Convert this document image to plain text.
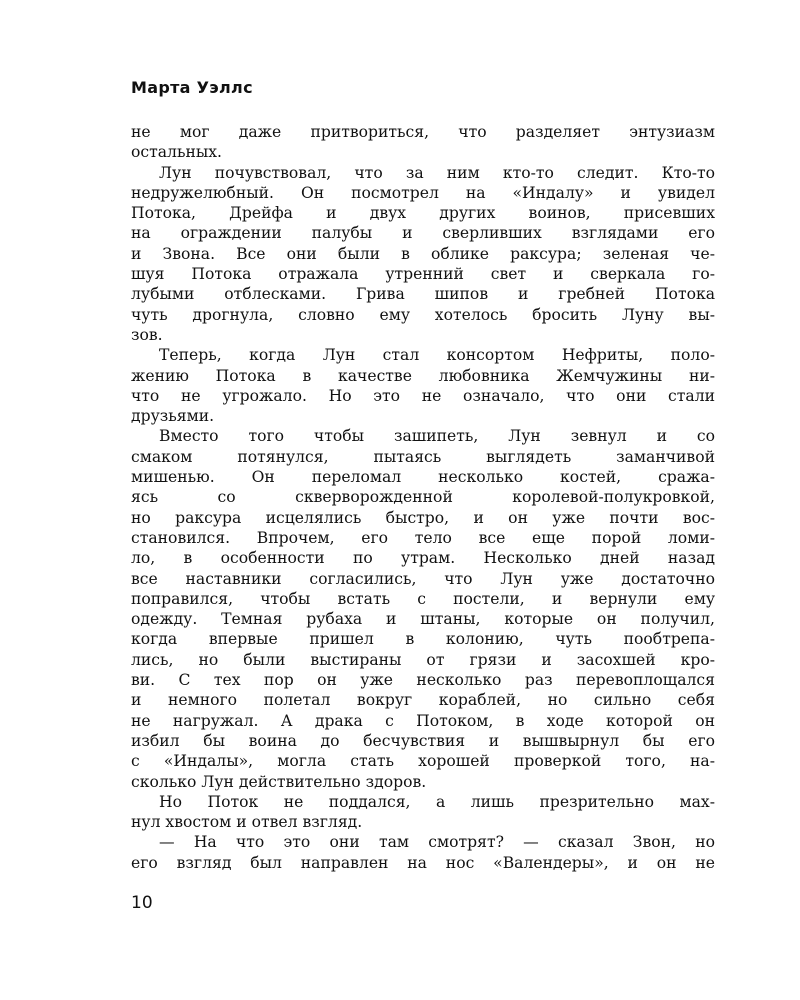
Марта Уэллс
не мог даже притвориться, что разделяет энтузиазм
остальных.
Лун почувствовал, что за ним кто-то следит. Кто-то
недружелюбный. Он посмотрел на «Индалу» и увидел
Потока, Дрейфа и двух других воинов, присевших
на ограждении палубы и сверливших взглядами его
и Звона. Все они были в облике раксура; зеленая че-
шуя Потока отражала утренний свет и сверкала го-
лубыми отблесками. Грива шипов и гребней Потока
чуть дрогнула, словно ему хотелось бросить Луну вы-
зов.
Теперь, когда Лун стал консортом Нефриты, поло-
жению Потока в качестве любовника Жемчужины ни-
что не угрожало. Но это не означало, что они стали
друзьями.
Вместо того чтобы зашипеть, Лун зевнул и со
смаком потянулся, пытаясь выглядеть заманчивой
мишенью. Он переломал несколько костей, сража-
ясь со скверворожденной королевой-полукровкой,
но раксура исцелялись быстро, и он уже почти вос-
становился. Впрочем, его тело все еще порой ломи-
ло, в особенности по утрам. Несколько дней назад
все наставники согласились, что Лун уже достаточно
поправился, чтобы встать с постели, и вернули ему
одежду. Темная рубаха и штаны, которые он получил,
когда впервые пришел в колонию, чуть пообтрепа-
лись, но были выстираны от грязи и засохшей кро-
ви. С тех пор он уже несколько раз перевоплощался
и немного полетал вокруг кораблей, но сильно себя
не нагружал. А драка с Потоком, в ходе которой он
избил бы воина до бесчувствия и вышвырнул бы его
с «Индалы», могла стать хорошей проверкой того, на-
сколько Лун действительно здоров.
Но Поток не поддался, а лишь презрительно мах-
нул хвостом и отвел взгляд.
— На что это они там смотрят? — сказал Звон, но
его взгляд был направлен на нос «Валендеры», и он не
10
